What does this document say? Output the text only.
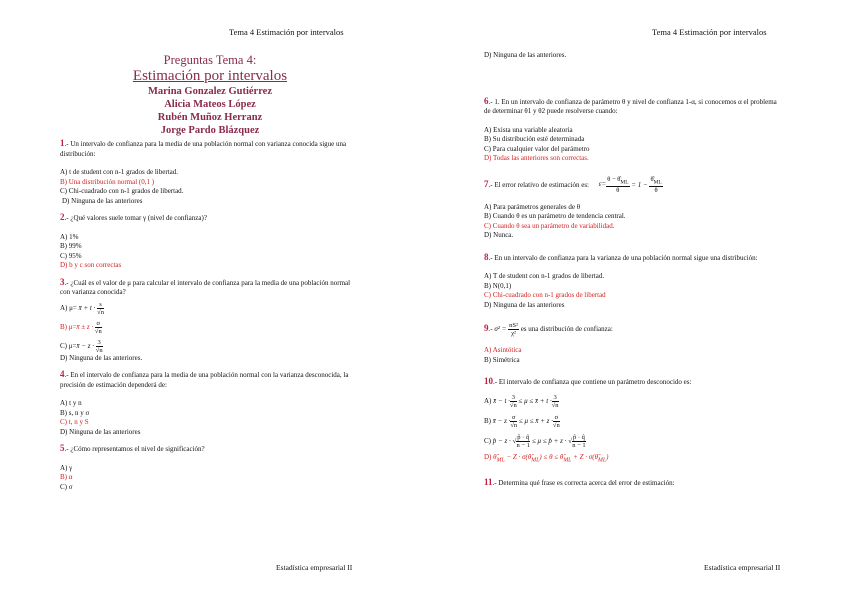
Tema 4 Estimación por intervalos	Tema 4 Estimación por intervalos
Preguntas Tema 4:
Estimación por intervalos
Marina Gonzalez Gutiérrez
Alicia Mateos López
Rubén Muñoz Herranz
Jorge Pardo Blázquez

1.- Un intervalo de confianza para la media de una población normal con varianza conocida sigue una distribución:

A) t de student con n-1 grados de libertad.

B) Una distribución normal (0,1 )

C) Chi-cuadrado con n-1 grados de libertad.

D) Ninguna de las anteriores

2.- ¿Qué valores suele tomar γ (nivel de confianza)?

A) 1%

B) 99%

C) 95%

D) b y c son correctas

3.- ¿Cuál es el valor de μ para calcular el intervalo de confianza para la media de una población normal con varianza conocida?

A) μ= x̄ + $t \cdot \frac{s}{√n}$

B) μ=x̄ ± $z \cdot \frac{\sigma}{√n}$

C) μ=x̄ − $z \cdot \frac{3}{√n}$

D) Ninguna de las anteriores.

4.- En el intervalo de confianza para la media de una población normal con la varianza desconocida, la precisión de estimación dependerá de:

A) t y n

B) s, n y σ

C) t, n y S

D) Ninguna de las anteriores

5.- ¿Cómo representamos el nivel de significación?

A) γ

B) α

C) σ

D) Ninguna de las anteriores.

6.- 1. En un intervalo de confianza de parámetro θ y nivel de confianza 1-α, si conocemos α el problema de determinar θ1 y θ2 puede resolverse cuando:

A) Exista una variable aleatoria

B) Su distribución esté determinada

C) Para cualquier valor del parámetro

D) Todas las anteriores son correctas.

7.- El error relativo de estimación es: $\varepsilon= \frac{\theta - \thetâ_{ML}}{\theta} = 1 - \frac{\thetâ_{ML}}{\theta}$

A) Para parámetros generales de θ

B) Cuando θ es un parámetro de tendencia central.

C) Cuando θ sea un parámetro de variabilidad.

D) Nunca.

8.- En un intervalo de confianza para la varianza de una población normal sigue una distribución:

A) T de student con n-1 grados de libertad.

B) N(0,1)

C) Chi-cuadrado con n-1 grados de libertad

D) Ninguna de las anteriores

9.- $\sigma^2 = \frac{\text{nS²}}{\text{χ²}}$ es una distribución de confianza:

A) Asintótica

B) Simétrica

10.- El intervalo de confianza que contiene un parámetro desconocido es:

A) x̄ − $t \cdot \frac{3}{√n} \le \mu$ ≤ x̄ + $t \cdot \frac{3}{√n}$

B) x̄ − $z \cdot \frac{\sigma}{√n} \le \mu$ ≤ x̄ + $z \cdot \frac{\sigma}{√n}$

C) p̂ − z · √ $\frac{p̂ \cdot q̂}{n - 1} \le \mu$ ≤ p̂ + z · √ $\frac{p̂ \cdot q̂}{n - 1}$

D) $\thetâ_{ML} - Z$ · $\sigma(\thetâ_{ML}) \le \theta$ ≤ $\thetâ_{ML} + Z$ · $\sigma(\thetâ_{ML})$

11.- Determina qué frase es correcta acerca del error de estimación:

Estadística empresarial II	Estadística empresarial II
